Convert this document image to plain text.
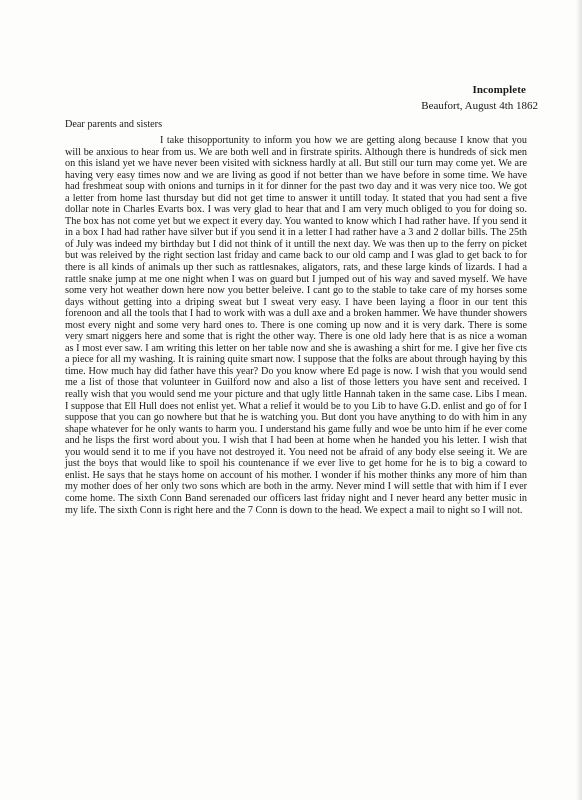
Incomplete
Beaufort, August 4th 1862
Dear parents and sisters

I take thisopportunity to inform you how we are getting along because I know that you will be anxious to hear from us. We are both well and in firstrate spirits. Although there is hundreds of sick men on this island yet we have never been visited with sickness hardly at all. But still our turn may come yet. We are having very easy times now and we are living as good if not better than we have before in some time. We have had freshmeat soup with onions and turnips in it for dinner for the past two day and it was very nice too. We got a letter from home last thursday but did not get time to answer it untill today. It stated that you had sent a five dollar note in Charles Evarts box. I was very glad to hear that and I am very much obliged to you for doing so. The box has not come yet but we expect it every day. You wanted to know which I had rather have. If you send it in a box I had had rather have silver but if you send it in a letter I had rather have a 3 and 2 dollar bills. The 25th of July was indeed my birthday but I did not think of it untill the next day. We was then up to the ferry on picket but was releived by the right section last friday and came back to our old camp and I was glad to get back to for there is all kinds of animals up ther such as rattlesnakes, aligators, rats, and these large kinds of lizards. I had a rattle snake jump at me one night when I was on guard but I jumped out of his way and saved myself. We have some very hot weather down here now you better beleive. I cant go to the stable to take care of my horses some days without getting into a driping sweat but I sweat very easy. I have been laying a floor in our tent this forenoon and all the tools that I had to work with was a dull axe and a broken hammer. We have thunder showers most every night and some very hard ones to. There is one coming up now and it is very dark. There is some very smart niggers here and some that is right the other way. There is one old lady here that is as nice a woman as I most ever saw. I am writing this letter on her table now and she is awashing a shirt for me. I give her five cts a piece for all my washing. It is raining quite smart now. I suppose that the folks are about through haying by this time. How much hay did father have this year? Do you know where Ed page is now. I wish that you would send me a list of those that volunteer in Guilford now and also a list of those letters you have sent and received. I really wish that you would send me your picture and that ugly little Hannah taken in the same case. Libs I mean. I suppose that Ell Hull does not enlist yet. What a relief it would be to you Lib to have G.D. enlist and go of for I suppose that you can go nowhere but that he is watching you. But dont you have anything to do with him in any shape whatever for he only wants to harm you. I understand his game fully and woe be unto him if he ever come and he lisps the first word about you. I wish that I had been at home when he handed you his letter. I wish that you would send it to me if you have not destroyed it. You need not be afraid of any body else seeing it. We are just the boys that would like to spoil his countenance if we ever live to get home for he is to big a coward to enlist. He says that he stays home on account of his mother. I wonder if his mother thinks any more of him than my mother does of her only two sons which are both in the army. Never mind I will settle that with him if I ever come home. The sixth Conn Band serenaded our officers last friday night and I never heard any better music in my life. The sixth Conn is right here and the 7 Conn is down to the head. We expect a mail to night so I will not.
